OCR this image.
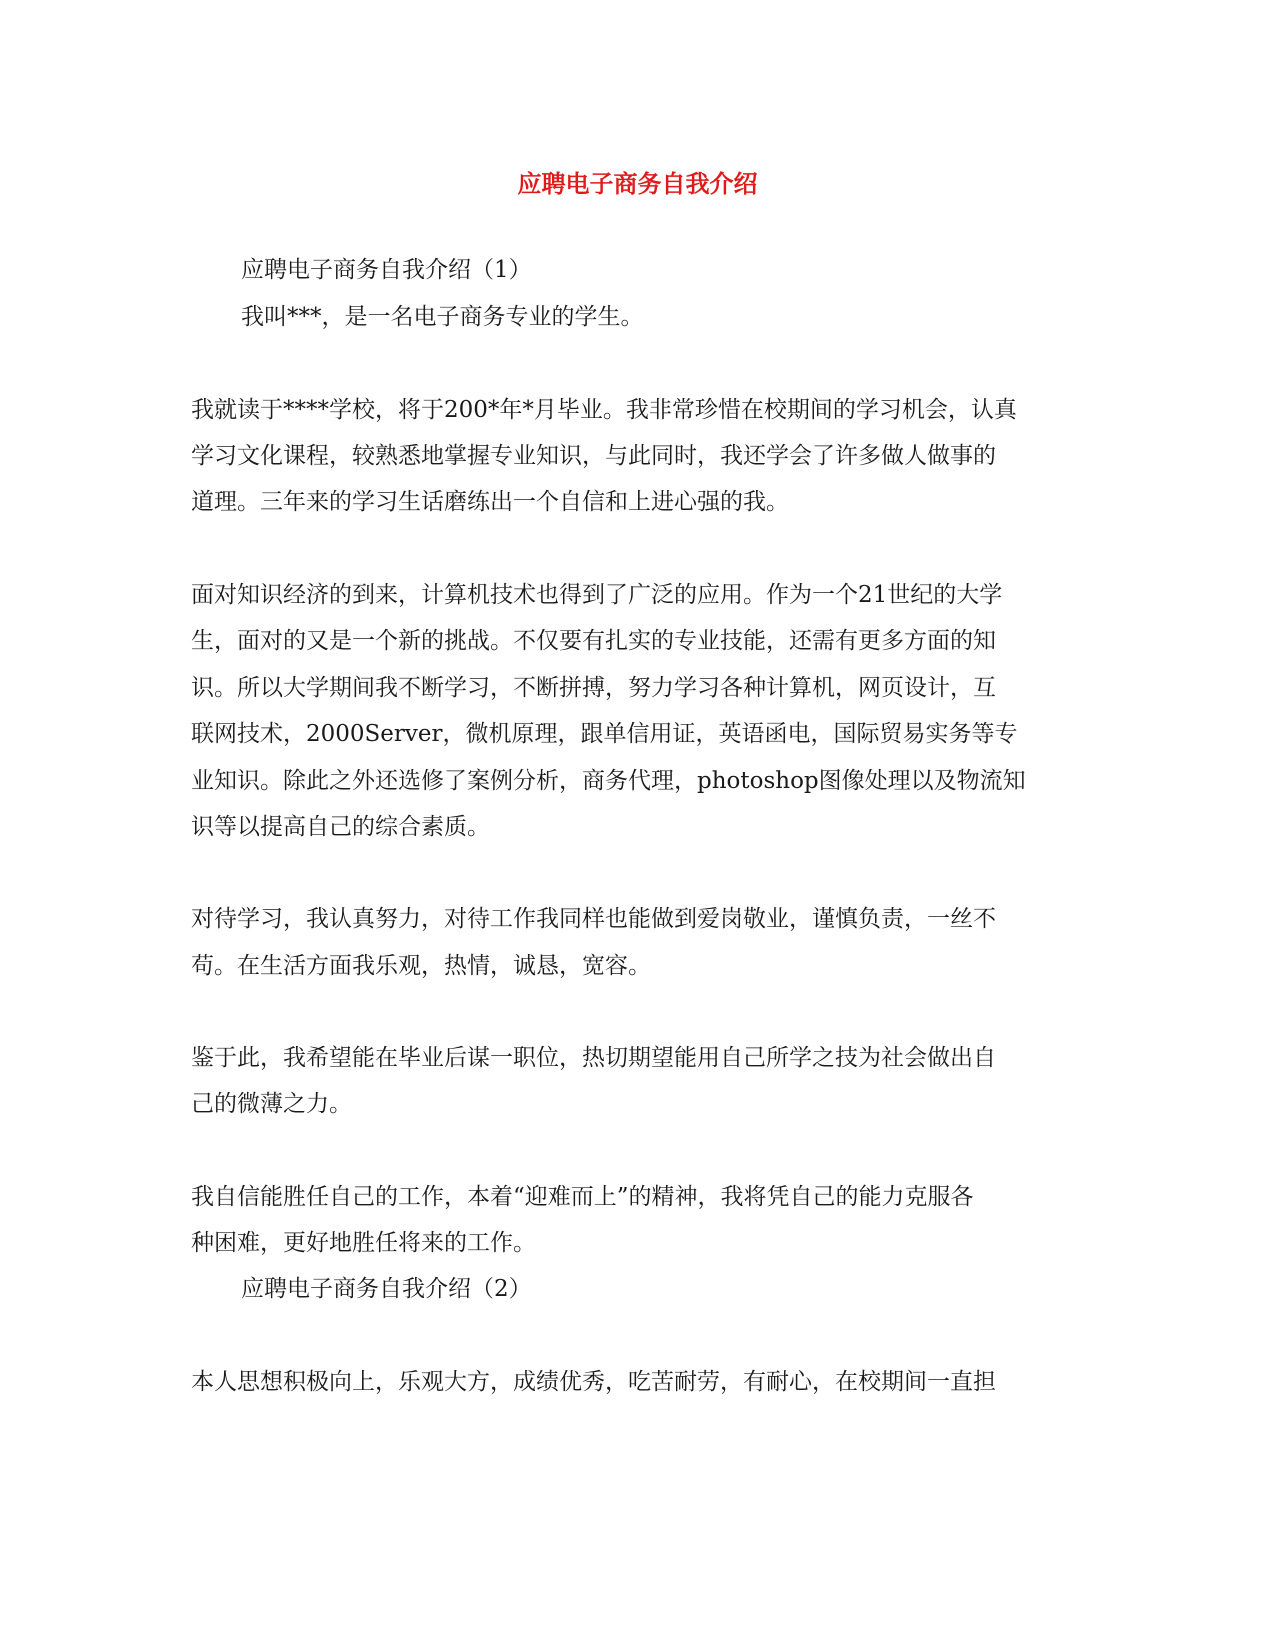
应聘电子商务自我介绍

应聘电子商务自我介绍（1）

我叫***，是一名电子商务专业的学生。

我就读于****学校，将于200*年*月毕业。我非常珍惜在校期间的学习机会，认真

学习文化课程，较熟悉地掌握专业知识，与此同时，我还学会了许多做人做事的

道理。三年来的学习生话磨练出一个自信和上进心强的我。

面对知识经济的到来，计算机技术也得到了广泛的应用。作为一个21世纪的大学

生，面对的又是一个新的挑战。不仅要有扎实的专业技能，还需有更多方面的知

识。所以大学期间我不断学习，不断拼搏，努力学习各种计算机，网页设计，互

联网技术，2000Server，微机原理，跟单信用证，英语函电，国际贸易实务等专

业知识。除此之外还选修了案例分析，商务代理，photoshop图像处理以及物流知

识等以提高自己的综合素质。

对待学习，我认真努力，对待工作我同样也能做到爱岗敬业，谨慎负责，一丝不

苟。在生活方面我乐观，热情，诚恳，宽容。

鉴于此，我希望能在毕业后谋一职位，热切期望能用自己所学之技为社会做出自

己的微薄之力。

我自信能胜任自己的工作，本着“迎难而上”的精神，我将凭自己的能力克服各

种困难，更好地胜任将来的工作。

应聘电子商务自我介绍（2）

本人思想积极向上，乐观大方，成绩优秀，吃苦耐劳，有耐心，在校期间一直担
